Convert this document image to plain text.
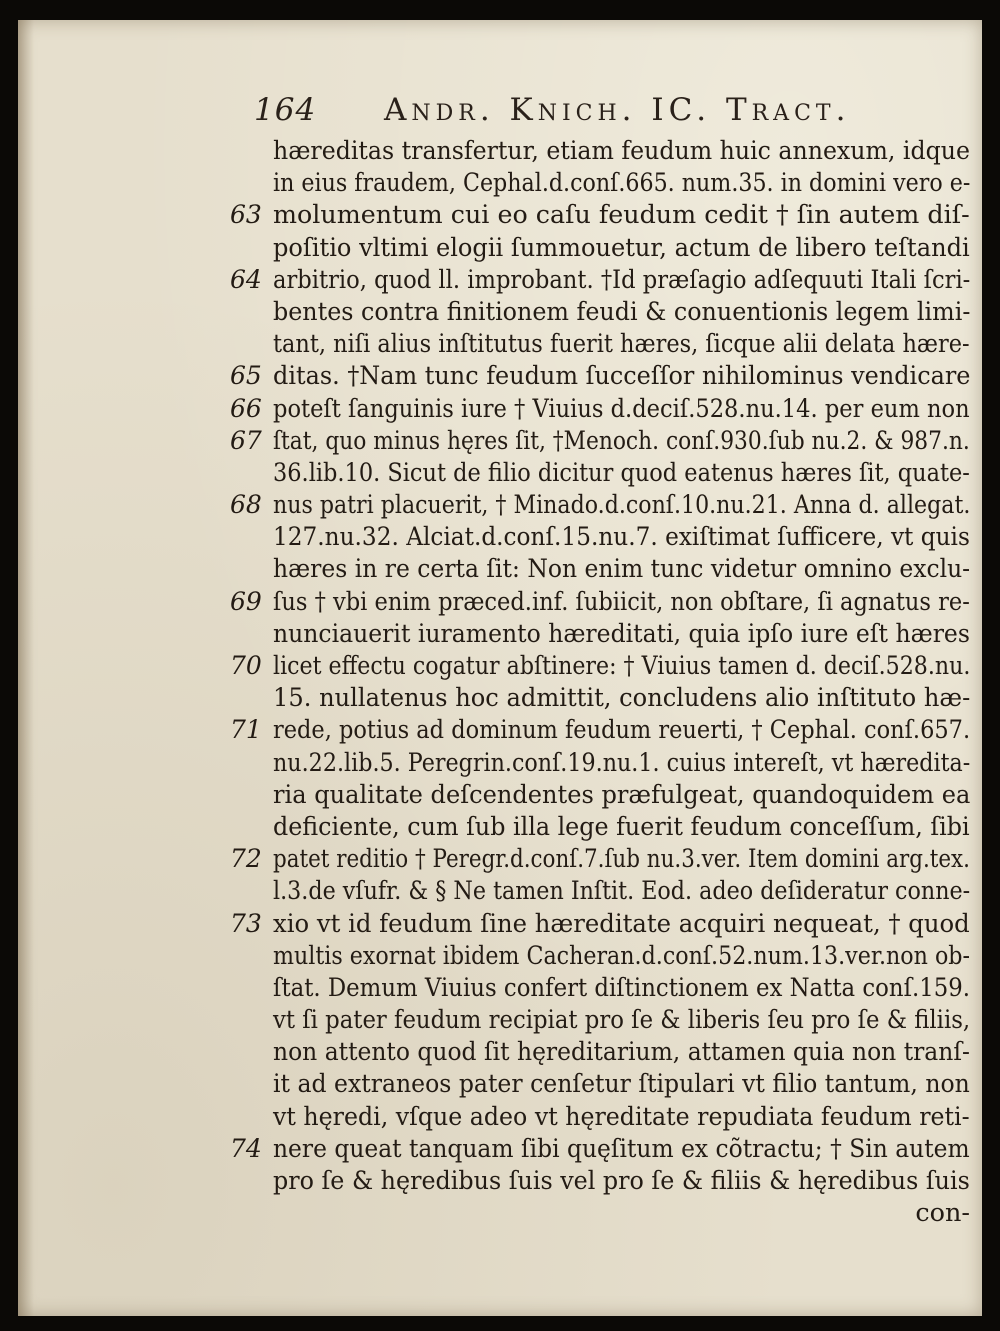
164 Andr. Knich. IC. Tract.
hæreditas transfertur, etiam feudum huic annexum, idque
in eius fraudem, Cephal.d.conſ.665. num.35. in domini vero e-
63 molumentum cui eo caſu feudum cedit † ſin autem diſ-
poſitio vltimi elogii ſummouetur, actum de libero teſtandi
64 arbitrio, quod ll. improbant. †Id præſagio adſequuti Itali ſcri-
bentes contra finitionem feudi & conuentionis legem limi-
tant, niſi alius inſtitutus fuerit hæres, ſicque alii delata hære-
65 ditas. †Nam tunc feudum ſucceſſor nihilominus vendicare
66 poteſt ſanguinis iure † Viuius d.deciſ.528.nu.14. per eum non
67 ſtat, quo minus hęres ſit, †Menoch. conſ.930.ſub nu.2. & 987.n.
36.lib.10. Sicut de filio dicitur quod eatenus hæres ſit, quate-
68 nus patri placuerit, † Minado.d.conſ.10.nu.21. Anna d. allegat.
127.nu.32. Alciat.d.conſ.15.nu.7. exiſtimat ſufficere, vt quis
hæres in re certa ſit: Non enim tunc videtur omnino exclu-
69 ſus † vbi enim præced.inf. ſubiicit, non obſtare, ſi agnatus re-
nunciauerit iuramento hæreditati, quia ipſo iure eſt hæres
70 licet effectu cogatur abſtinere: † Viuius tamen d. deciſ.528.nu.
15. nullatenus hoc admittit, concludens alio inſtituto hæ-
71 rede, potius ad dominum feudum reuerti, † Cephal. conſ.657.
nu.22.lib.5. Peregrin.conſ.19.nu.1. cuius intereſt, vt hæredita-
ria qualitate deſcendentes præfulgeat, quandoquidem ea
deficiente, cum ſub illa lege fuerit feudum conceſſum, ſibi
72 patet reditio † Peregr.d.conſ.7.ſub nu.3.ver. Item domini arg.tex.
l.3.de vſufr. & § Ne tamen Inſtit. Eod. adeo deſideratur conne-
73 xio vt id feudum ſine hæreditate acquiri nequeat, † quod
multis exornat ibidem Cacheran.d.conſ.52.num.13.ver.non ob-
ſtat. Demum Viuius confert diſtinctionem ex Natta conſ.159.
vt ſi pater feudum recipiat pro ſe & liberis ſeu pro ſe & filiis,
non attento quod ſit hęreditarium, attamen quia non tranſ-
it ad extraneos pater cenſetur ſtipulari vt filio tantum, non
vt hęredi, vſque adeo vt hęreditate repudiata feudum reti-
74 nere queat tanquam ſibi quęſitum ex cõtractu; † Sin autem
pro ſe & hęredibus ſuis vel pro ſe & filiis & hęredibus ſuis
con-
